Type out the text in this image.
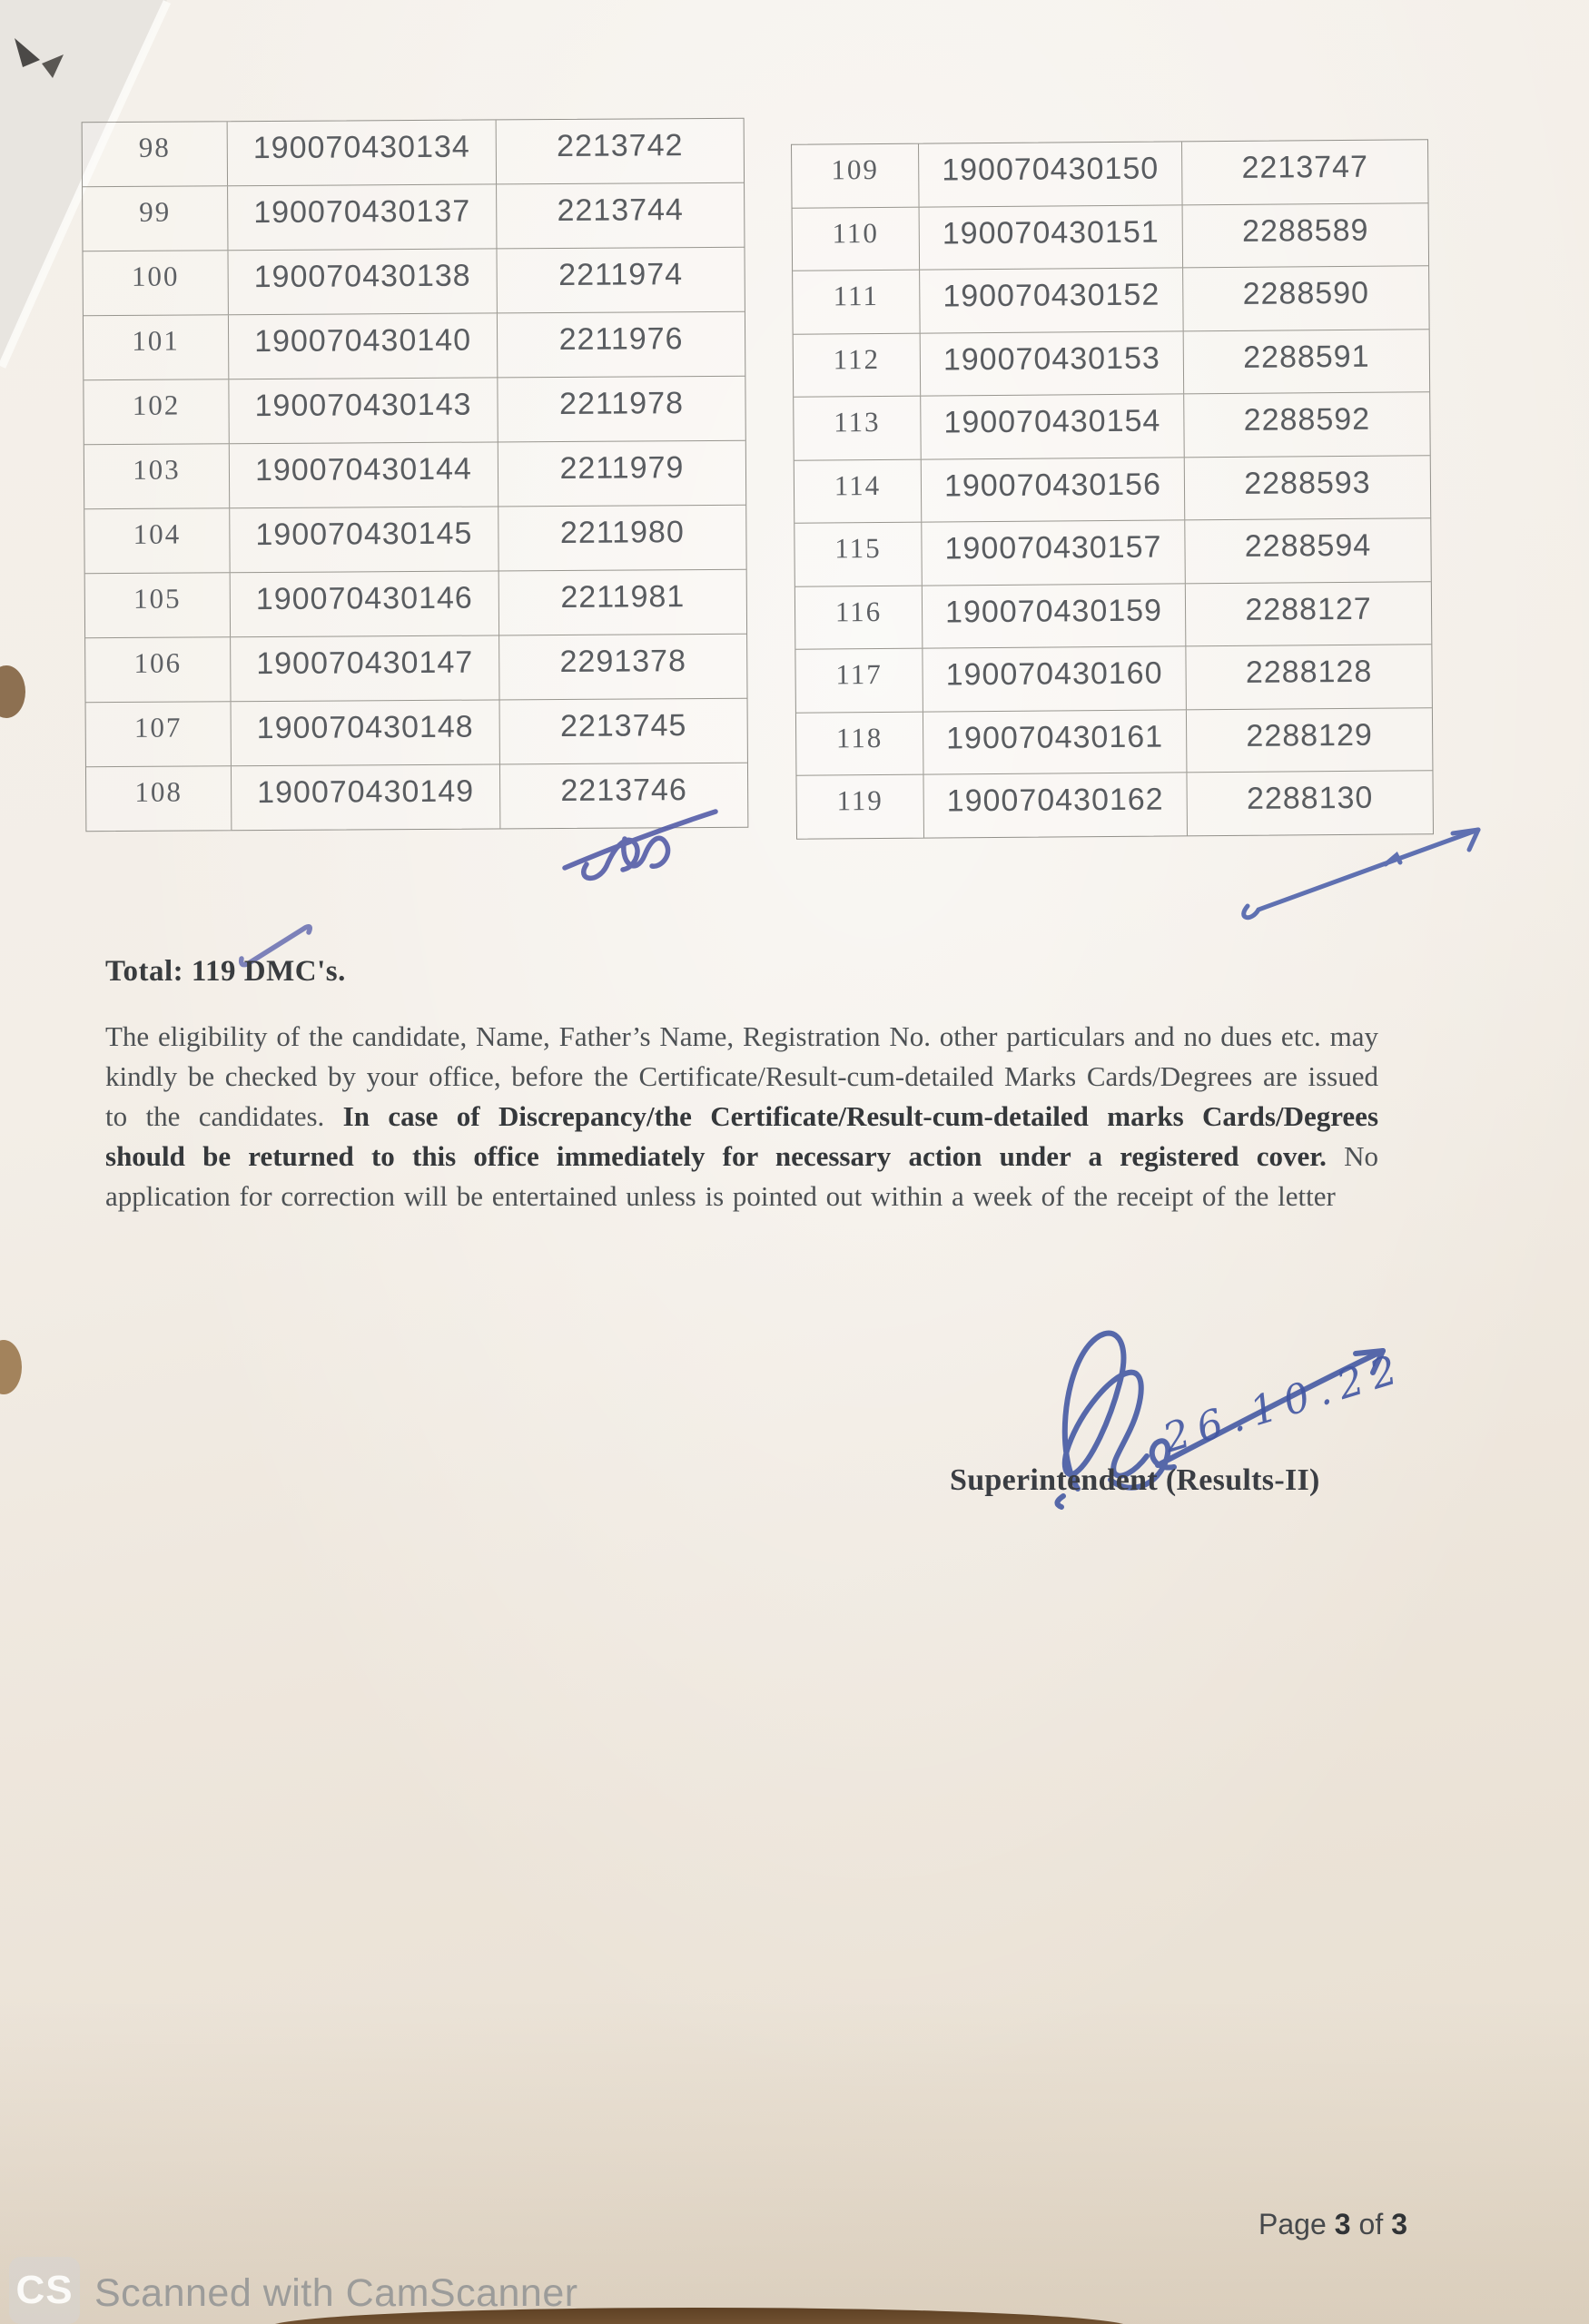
98	190070430134	2213742
99	190070430137	2213744
100	190070430138	2211974
101	190070430140	2211976
102	190070430143	2211978
103	190070430144	2211979
104	190070430145	2211980
105	190070430146	2211981
106	190070430147	2291378
107	190070430148	2213745
108	190070430149	2213746
109	190070430150	2213747
110	190070430151	2288589
111	190070430152	2288590
112	190070430153	2288591
113	190070430154	2288592
114	190070430156	2288593
115	190070430157	2288594
116	190070430159	2288127
117	190070430160	2288128
118	190070430161	2288129
119	190070430162	2288130
Total: 119 DMC's.

The eligibility of the candidate, Name, Father’s Name, Registration No. other particulars and no dues etc. may kindly be checked by your office, before the Certificate/Result-cum-detailed Marks Cards/Degrees are issued to the candidates. In case of Discrepancy/the Certificate/Result-cum-detailed marks Cards/Degrees should be returned to this office immediately for necessary action under a registered cover. No application for correction will be entertained unless is pointed out within a week of the receipt of the letter

26.10.22
Superintendent (Results-II)
Page 3 of 3
CS Scanned with CamScanner
